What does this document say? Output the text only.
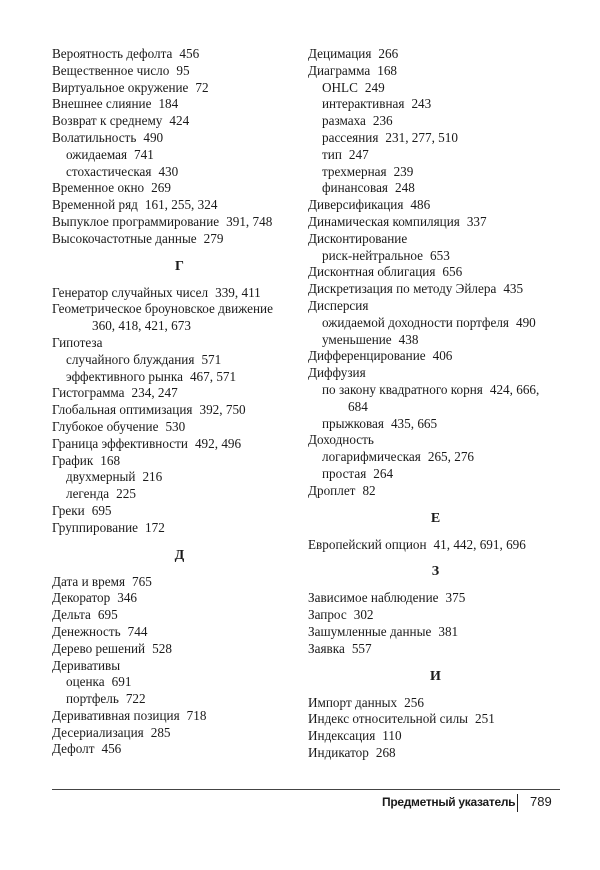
Вероятность дефолта 456
Вещественное число 95
Виртуальное окружение 72
Внешнее слияние 184
Возврат к среднему 424
Волатильность 490
ожидаемая 741
стохастическая 430
Временное окно 269
Временной ряд 161, 255, 324
Выпуклое программирование 391, 748
Высокочастотные данные 279
Г
Генератор случайных чисел 339, 411
Геометрическое броуновское движение
360, 418, 421, 673
Гипотеза
случайного блуждания 571
эффективного рынка 467, 571
Гистограмма 234, 247
Глобальная оптимизация 392, 750
Глубокое обучение 530
Граница эффективности 492, 496
График 168
двухмерный 216
легенда 225
Греки 695
Группирование 172
Д
Дата и время 765
Декоратор 346
Дельта 695
Денежность 744
Дерево решений 528
Деривативы
оценка 691
портфель 722
Деривативная позиция 718
Десериализация 285
Дефолт 456
Децимация 266
Диаграмма 168
OHLC 249
интерактивная 243
размаха 236
рассеяния 231, 277, 510
тип 247
трехмерная 239
финансовая 248
Диверсификация 486
Динамическая компиляция 337
Дисконтирование
риск-нейтральное 653
Дисконтная облигация 656
Дискретизация по методу Эйлера 435
Дисперсия
ожидаемой доходности портфеля 490
уменьшение 438
Дифференцирование 406
Диффузия
по закону квадратного корня 424, 666,
684
прыжковая 435, 665
Доходность
логарифмическая 265, 276
простая 264
Дроплет 82
Е
Европейский опцион 41, 442, 691, 696
З
Зависимое наблюдение 375
Запрос 302
Зашумленные данные 381
Заявка 557
И
Импорт данных 256
Индекс относительной силы 251
Индексация 110
Индикатор 268
Предметный указатель 789
